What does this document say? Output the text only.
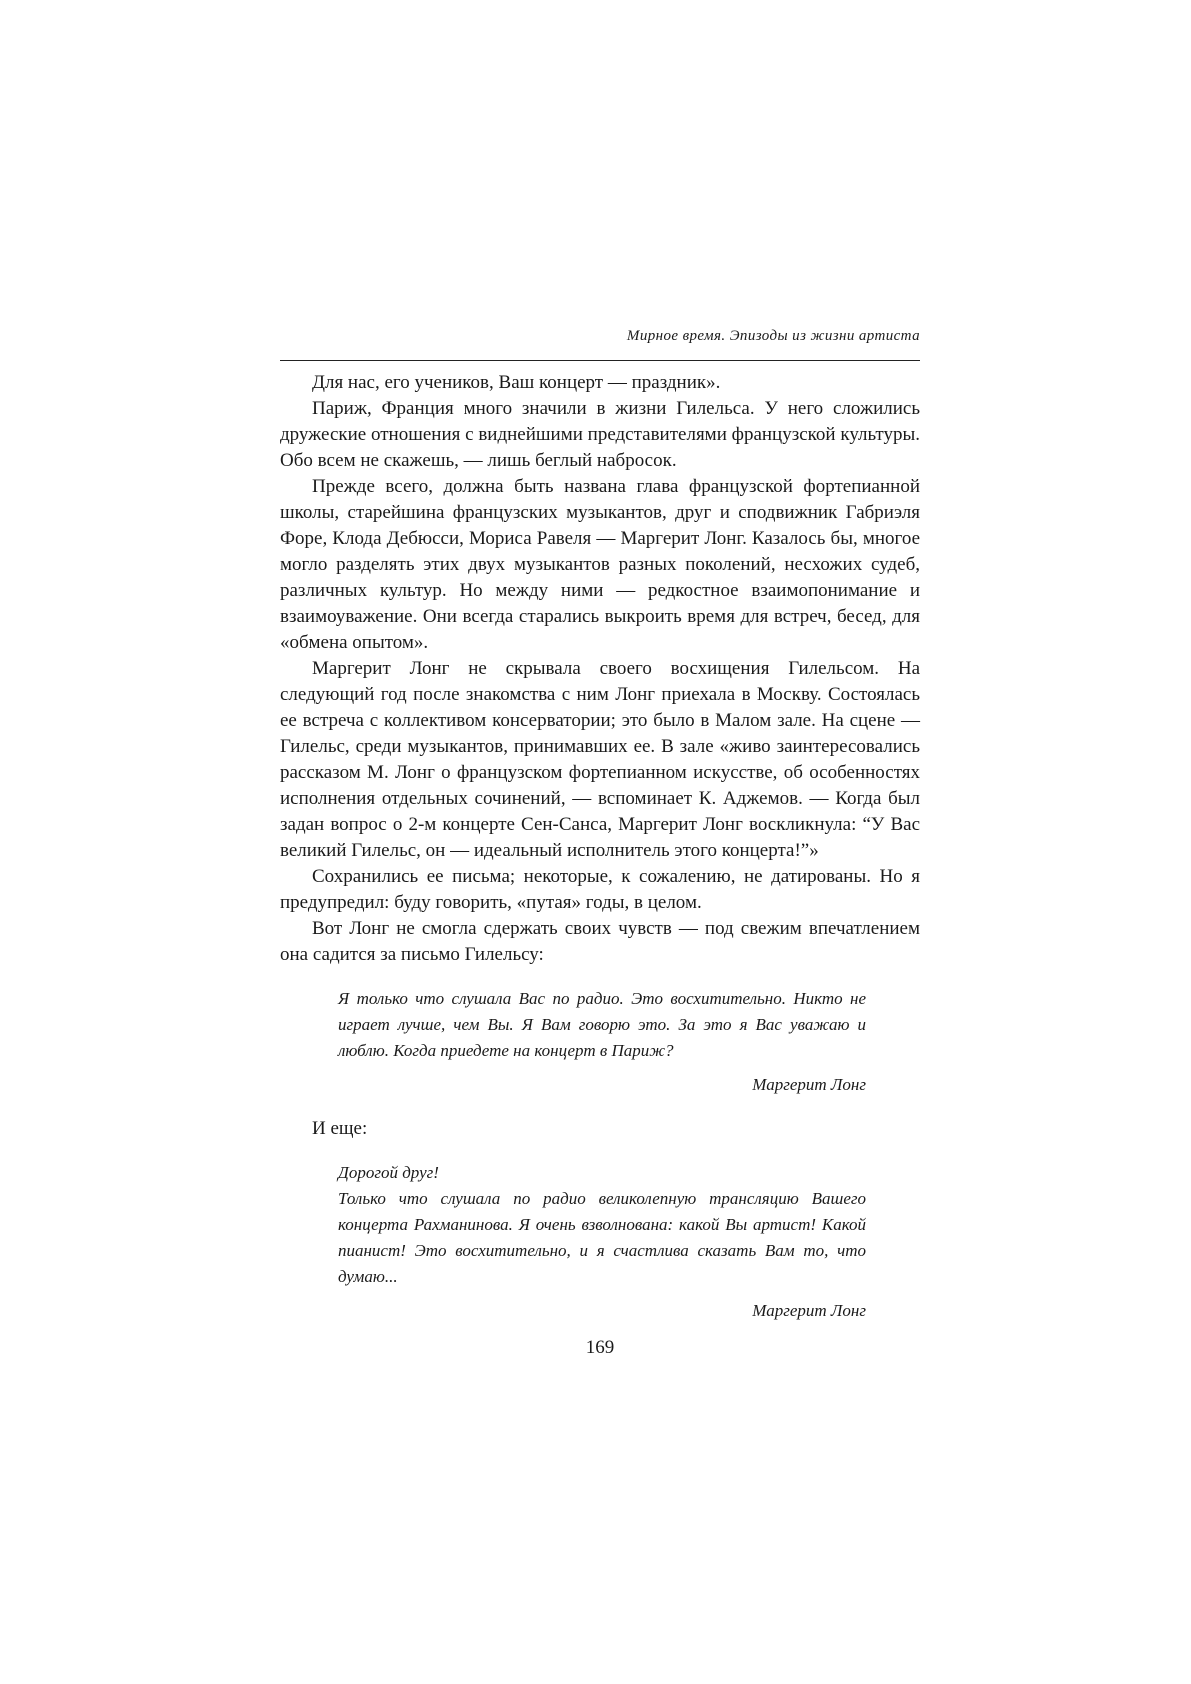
Мирное время. Эпизоды из жизни артиста

Для нас, его учеников, Ваш концерт — праздник».

Париж, Франция много значили в жизни Гилельса. У него сложились дружеские отношения с виднейшими представителями французской культуры. Обо всем не скажешь, — лишь беглый набросок.

Прежде всего, должна быть названа глава французской фортепианной школы, старейшина французских музыкантов, друг и сподвижник Габриэля Форе, Клода Дебюсси, Мориса Равеля — Маргерит Лонг. Казалось бы, многое могло разделять этих двух музыкантов разных поколений, несхожих судеб, различных культур. Но между ними — редкостное взаимопонимание и взаимоуважение. Они всегда старались выкроить время для встреч, бесед, для «обмена опытом».

Маргерит Лонг не скрывала своего восхищения Гилельсом. На следующий год после знакомства с ним Лонг приехала в Москву. Состоялась ее встреча с коллективом консерватории; это было в Малом зале. На сцене — Гилельс, среди музыкантов, принимавших ее. В зале «живо заинтересовались рассказом М. Лонг о французском фортепианном искусстве, об особенностях исполнения отдельных сочинений, — вспоминает К. Аджемов. — Когда был задан вопрос о 2-м концерте Сен-Санса, Маргерит Лонг воскликнула: “У Вас великий Гилельс, он — идеальный исполнитель этого концерта!”»

Сохранились ее письма; некоторые, к сожалению, не датированы. Но я предупредил: буду говорить, «путая» годы, в целом.

Вот Лонг не смогла сдержать своих чувств — под свежим впечатлением она садится за письмо Гилельсу:

Я только что слушала Вас по радио. Это восхитительно. Никто не играет лучше, чем Вы. Я Вам говорю это. За это я Вас уважаю и люблю. Когда приедете на концерт в Париж?

Маргерит Лонг

И еще:

Дорогой друг!

Только что слушала по радио великолепную трансляцию Вашего концерта Рахманинова. Я очень взволнована: какой Вы артист! Какой пианист! Это восхитительно, и я счастлива сказать Вам то, что думаю...

Маргерит Лонг

169
